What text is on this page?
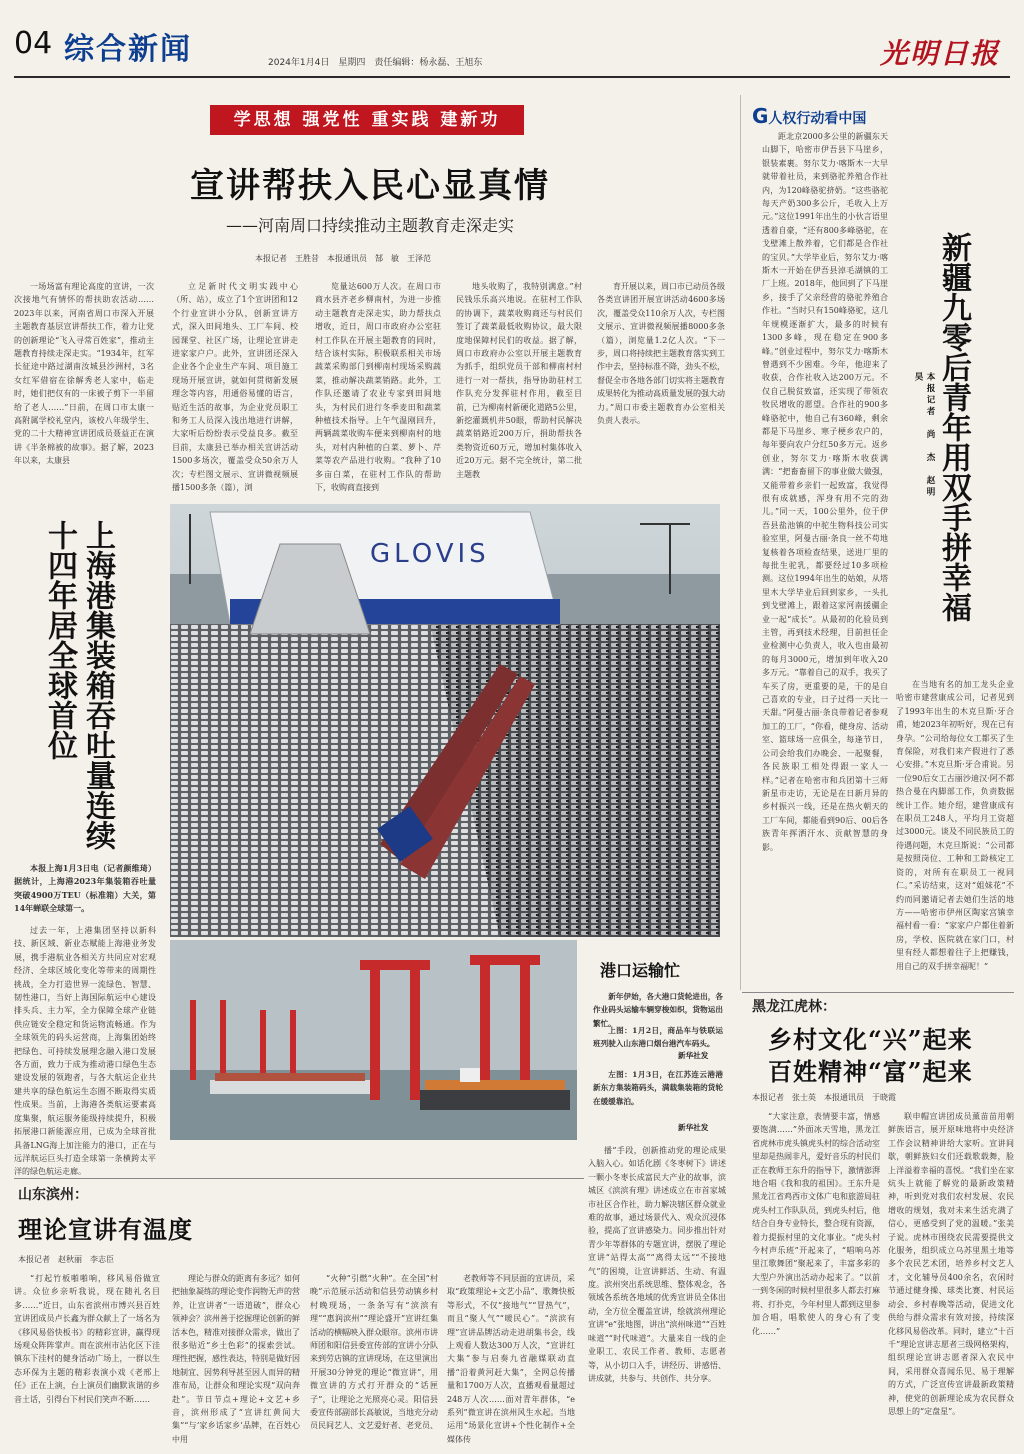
04 综合新闻	2024年1月4日　星期四　责任编辑：杨永磊、王旭东	光明日报
学思想 强党性 重实践 建新功
宣讲帮扶入民心显真情
——河南周口持续推动主题教育走深走实
本报记者　王胜昔　本报通讯员　郜　敏　王泽范

一场场富有理论高度的宣讲，一次次接地气有情怀的帮扶助农活动……2023年以来，河南省周口市深入开展主题教育基层宣讲帮扶工作，着力让党的创新理论“飞入寻常百姓家”，推动主题教育持续走深走实。“1934年，红军长征途中路过湖南汝城县沙洲村，3名女红军借宿在徐解秀老人家中，临走时，她们把仅有的一床被子剪下一半留给了老人……”日前，在周口市太康一高附属学校礼堂内，该校八年级学生、党的二十大精神宣讲团成员聂益正在演讲《半条棉被的故事》。据了解，2023年以来，太康县

立足新时代文明实践中心（所、站），成立了1个宣讲团和12个行业宣讲小分队，创新宣讲方式，深入田间地头、工厂车间、校园课堂、社区广场，让理论宣讲走进家家户户。此外，宣讲团还深入企业各个企业生产车间、项目施工现场开展宣讲，就如何贯彻新发展理念等内容，用通俗易懂的语言，贴近生活的故事，为企业党员职工和务工人员深入浅出地进行讲解，大家听后纷纷表示受益良多。截至目前，太康县已举办相关宣讲活动1500多场次，覆盖受众50余万人次；专栏图文展示、宣讲微视频展播1500多条（篇），浏

览量达600万人次。在周口市商水县齐老乡柳南村，为进一步推动主题教育走深走实，助力帮扶点增收，近日，周口市政府办公室驻村工作队在开展主题教育的同时，结合该村实际，积极联系相关市场蔬菜采购部门到柳南村现场采购蔬菜，推动解决蔬菜销路。此外，工作队还邀请了农业专家到田间地头，为村民们进行冬季麦田和蔬菜种植技术指导。上午气温刚回升，两辆蔬菜收购车便来到柳南村的地头，对村内种植的白菜、萝卜、芹菜等农产品进行收购。“我种了10多亩白菜，在驻村工作队的帮助下，收购商直接到

地头收购了，我特别满意。”村民钱乐乐高兴地说。在驻村工作队的协调下，蔬菜收购商还与村民们签订了蔬菜最低收购协议，最大限度地保障村民们的收益。据了解，周口市政府办公室以开展主题教育为抓手，组织党员干部和柳南村村进行一对一帮扶，指导协助驻村工作队充分发挥驻村作用，截至目前，已为柳南村新硬化道路5公里，新挖灌溉机井50眼，帮助村民解决蔬菜销路近200万斤，捐助帮扶各类物资近60万元，增加村集体收入近20万元。据不完全统计，第二批主题教

育开展以来，周口市已动员各级各类宣讲团开展宣讲活动4600多场次，覆盖受众110余万人次，专栏图文展示、宣讲微视频展播8000多条（篇），浏览量1.2亿人次。“下一步，周口将持续把主题教育落实到工作中去，坚持标准不降，劲头不松，督促全市各地各部门切实将主题教育成果转化为推动高质量发展的强大动力。”周口市委主题教育办公室相关负责人表示。

上海港集装箱吞吐量连续十四年居全球首位

本报上海1月3日电（记者颜维琦）据统计，上海港2023年集装箱吞吐量突破4900万TEU（标准箱）大关，第14年蝉联全球第一。

过去一年，上港集团坚持以新科技、新区域、新业态赋能上海港业务发展，携手港航业各相关方共同应对宏观经济、全球区域化变化等带来的周期性挑战，全力打造世界一流绿色、智慧、韧性港口，当好上海国际航运中心建设排头兵、主力军，全力保障全球产业链供应链安全稳定和货运物流畅通。作为全球领先的码头运营商，上海集团始终把绿色、可持续发展理念融入港口发展各方面，致力于成为推动港口绿色生态建设发展的领跑者，与各大航运企业共建共享的绿色航运生态圈不断取得实质性成果。当前，上海港各类航运要素高度集聚，航运服务能级持续提升，积极拓展港口新能源应用，已成为全球首批具备LNG海上加注能力的港口，正在与远洋航运巨头打造全球第一条横跨太平洋的绿色航运走廊。

GLOVIS
港口运输忙

新年伊始，各大港口货轮进出，各作业码头运输车辆穿梭如织，货物运出繁忙。

上图：1月2日，商品车与铁联运班列驶入山东港口烟台港汽车码头。

新华社发

左图：1月3日，在江苏连云港港新东方集装箱码头，满载集装箱的货轮在缓缓靠泊。

新华社发
G人权行动看中国
新疆九零后青年用双手拼幸福
本报记者　尚　杰　赵明昊

距北京2000多公里的新疆东天山脚下，哈密市伊吾县下马崖乡，银装素裹。努尔艾力·喀斯木一大早就带着社员，来到骆驼养殖合作社内，为120峰骆驼挤奶。“这些骆驼每天产奶300多公斤，毛收入上万元。”这位1991年出生的小伙言语里透着自豪，“还有800多峰骆驼，在戈壁滩上散养着，它们都是合作社的宝贝。”大学毕业后，努尔艾力·喀斯木一开始在伊吾县淖毛湖镇的工厂上班。2018年，他回到了下马崖乡，接手了父亲经营的骆驼养殖合作社。“当时只有150峰骆驼，这几年规模逐渐扩大，最多的时候有1300多峰，现在稳定在900多峰。”创业过程中，努尔艾力·喀斯木曾遇到不少困难。今年，他迎来了收获，合作社收入达200万元。不仅自己脱贫致富，还实现了带领农牧民增收的愿望。合作社的900多峰骆驼中，他自己有360峰，剩余都是下马崖乡、寒子梗乡农户的，每年要向农户分红50多万元。返乡创业，努尔艾力·喀斯木收获满满：“把畜畜留下的事业做大做强，又能带着乡亲们一起致富，我觉得很有成就感，浑身有用不完的劲儿。”同一天，100公里外，位于伊吾县盐池镇的中驼生物科技公司实验室里，阿曼古丽·条良一丝不苟地复核着各项检查结果，送进厂里的每批生驼乳，都要经过10多项检测。这位1994年出生的姑娘，从塔里木大学毕业后回到家乡，一头扎到戈壁滩上，跟着这家河南援疆企业一起“成长”。从最初的化验员到主管，再到技术经理，目前担任企业检测中心负责人，收入也由最初的每月3000元，增加到年收入20多万元。“靠着自己的双手，我买了车买了房，更重要的是，干的是自己喜欢的专业，日子过得一天比一天甜。”阿曼古丽·条良带着记者参观加工的工厂，“你看，健身房、活动室、篮球场一应俱全，每逢节日，公司会给我们办晚会、一起聚餐，各民族职工相处得跟一家人一样。”记者在哈密市和兵团第十三师新星市走访，无论是在日新月异的乡村振兴一线，还是在热火朝天的工厂车间，都能看到90后、00后各族青年挥洒汗水、贡献智慧的身影。

在当地有名的加工龙头企业哈密市建营康成公司，记者见到了1993年出生的木克旦斯·牙合甫，她2023年初听好，现在已有身孕。“公司给每位女工都买了生育保险，对我们来产假进行了悉心安排。”木克旦斯·牙合甫说。另一位90后女工古丽沙迪汉·阿不都热合曼在内脚部工作，负责数据统计工作。她介绍，建营康成有在职员工248人，平均月工资超过3000元。谈及不同民族员工的待遇问题，木克旦斯说：“公司都是按照岗位、工种和工龄核定工资的，对所有在职员工一视同仁。”采访结束，这对“姐妹花”不约而同邀请记者去她们生活的地方——哈密市伊州区陶家宫镇幸福村看一看：“家家户户都住着新房，学校、医院就在家门口，村里有经人都想着往子上把赚钱，用自己的双手拼幸福呢！”

黑龙江虎林：
乡村文化“兴”起来
百姓精神“富”起来
本报记者　张士英　本报通讯员　于晓霞

“大家注意，表情要丰富，情感要饱满……”外面冰天雪地，黑龙江省虎林市虎头镇虎头村的综合活动室里却是热闹非凡，爱好音乐的村民们正在教师王东升的指导下，激情澎湃地合唱《我和我的祖国》。王东升是黑龙江省鸡西市文体广电和旅游局驻虎头村工作队队员，到虎头村后，他结合自身专业特长，整合现有资源，着力提振村里的文化事业。“虎头村今村声乐班”开起来了，“唱响乌苏里江歌舞团”聚起来了，丰富多彩的大型户外演出活动办起来了。“以前一到冬闲的时候村里很多人都去打麻将、打扑克，今年村里人都到这里参加合唱，唱歌使人的身心有了变化……”

联申帽宣讲团成员薰苗苗用朝鲜族语言，展开原味地将中央经济工作会议精神讲给大家听。宣讲间歇，朝鲜族妇女们还载歌载舞，脸上洋溢着幸福的喜悦。“我们坐在家炕头上就能了解党的最新政策精神，听到党对我们农村发展、农民增收的规划，我对未来生活充满了信心，更感受到了党的温暖。”张美子说。虎林市围绕农民需要提供文化服务，组织成立乌苏里黑土地等多个农民艺术团，培养乡村文艺人才，文化辅导员400余名，农闲时节通过健身操、球类比赛、村民运动会、乡村春晚等活动，促进文化供给与群众需求有效对接，持续深化移风易俗改革。同时，建立“十百千”理论宣讲志愿者三级网格架构，组织理论宣讲志愿者深入农民中间，采用群众喜闻乐见、易于理解的方式，广泛宣传宣讲最新政策精神，使党的创新理论成为农民群众思想上的“定盘星”。

山东滨州：
理论宣讲有温度
本报记者　赵秋丽　李志臣

“打起竹板啪啪响，移风易俗做宣讲。众位乡亲听我说，现在随礼名目多……”近日，山东省滨州市博兴县百姓宣讲团成员卢长鑫为群众献上了一场名为《移风易俗快板书》的精彩宣讲，赢得现场观众阵阵掌声。而在滨州市沾化区下洼镇东下洼村的健身活动广场上，一群以生态环保为主题的精彩表演小戏《老邢上任》正在上演，台上演员们幽默诙谐的乡音土话，引得台下村民们笑声不断……

理论与群众的距离有多远？如何把抽象凝练的理论变作润物无声的营养，让宣讲者“一语道破”，群众心领神会？滨州善于挖掘理论创新的鲜活本色，精准对接群众需求，做出了很多贴近“乡土色彩”的探索尝试。理性把握，感性表达，特别是做好因地制宜、因势利导甚至因人而异的精准布局，让群众和理论实现“双向奔赴”。节日节点+理论+文艺+乡音，滨州形成了“宣讲红黄间大集”“与‘家乡话家乡’品牌，在百姓心中用

“火种”引燃“火种”。在全国“村晚”示范展示活动和信县劳动镇乡村村晚现场，一条条写有“滨滨有理”“惠润滨州”“理论盛开”宣讲红集活动的横幅映入群众眼帘。滨州市讲师团和阳信县委宣传部的宣讲小分队来到劳店镇的宣讲现场，在这里演出开展30分钟党的理论“微宣讲”，用微宣讲的方式打开群众的“话匣子”，让理论之光照亮心灵。阳信县委宣传部副部长高敏说，当地充分动员民间艺人、文艺爱好者、老党员、

老教师等不同层面的宣讲员，采取“政策理论+文艺小品”、歌舞快板等形式，不仅“接地气”“冒热气”，而且“聚人气”“暖民心”。“滨滨有理”宣讲品牌活动走进胡集书会，线上观看人数达300万人次，“宣讲红大集”参与启奏九省融媒联动直播“沿着黄河赶大集”，全网总传播量和1700万人次，直播观看量超过248万人次……面对青年群体，“e系列”微宣讲在滨州风生水起。当地运用“场景化宣讲+个性化制作+全媒体传

播”手段，创新推动党的理论成果入脑入心。如话化剧《冬枣树下》讲述一颗小冬枣长成富民大产业的故事，滨城区《滨滨有理》讲述成立在市首家城市社区合作社，助力解决辖区群众就业难的故事，通过场景代入、观众沉浸体验，提高了宣讲感染力。同步推出针对青少年等群体的专题宣讲，摆脱了理论宣讲“站得太高”“离得太远”“不接地气”的困境，让宣讲鲜活、生动、有温度。滨州突出系统思维、整体观念，各领域各系统各地域的优秀宣讲员全体出动，全方位全覆盖宣讲，绘就滨州理论宣讲“e”张地图，讲出“滨州味道”“百姓味道”“时代味道”。大量来自一线的企业职工、农民工作者、教师、志愿者等，从小切口入手，讲经历、讲感悟、讲成就，共参与、共创作、共分享。
